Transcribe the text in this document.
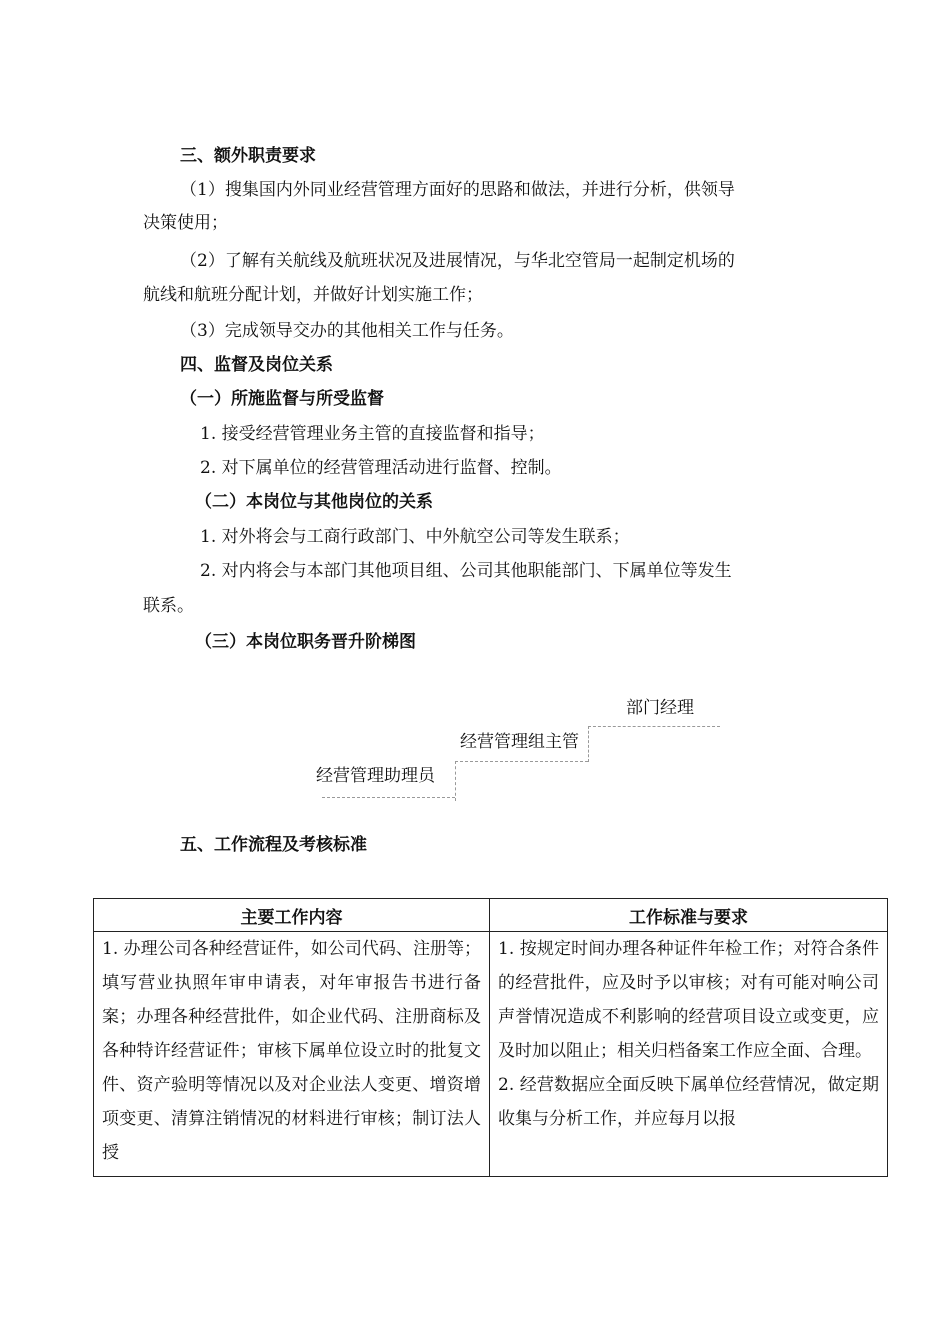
三、额外职责要求
（1）搜集国内外同业经营管理方面好的思路和做法，并进行分析，供领导
决策使用；
（2）了解有关航线及航班状况及进展情况，与华北空管局一起制定机场的
航线和航班分配计划，并做好计划实施工作；
（3）完成领导交办的其他相关工作与任务。
四、监督及岗位关系
（一）所施监督与所受监督
1. 接受经营管理业务主管的直接监督和指导；
2. 对下属单位的经营管理活动进行监督、控制。
（二）本岗位与其他岗位的关系
1. 对外将会与工商行政部门、中外航空公司等发生联系；
2. 对内将会与本部门其他项目组、公司其他职能部门、下属单位等发生
联系。
（三）本岗位职务晋升阶梯图
部门经理
经营管理组主管
经营管理助理员
五、工作流程及考核标准
主要工作内容	工作标准与要求

1. 办理公司各种经营证件，如公司代码、注册等；填写营业执照年审申请表，对年审报告书进行备案；办理各种经营批件，如企业代码、注册商标及各种特许经营证件；审核下属单位设立时的批复文件、资产验明等情况以及对企业法人变更、增资增项变更、清算注销情况的材料进行审核；制订法人授	1. 按规定时间办理各种证件年检工作；对符合条件的经营批件，应及时予以审核；对有可能对响公司声誉情况造成不利影响的经营项目设立或变更，应及时加以阻止；相关归档备案工作应全面、合理。
2. 经营数据应全面反映下属单位经营情况，做定期收集与分析工作，并应每月以报
